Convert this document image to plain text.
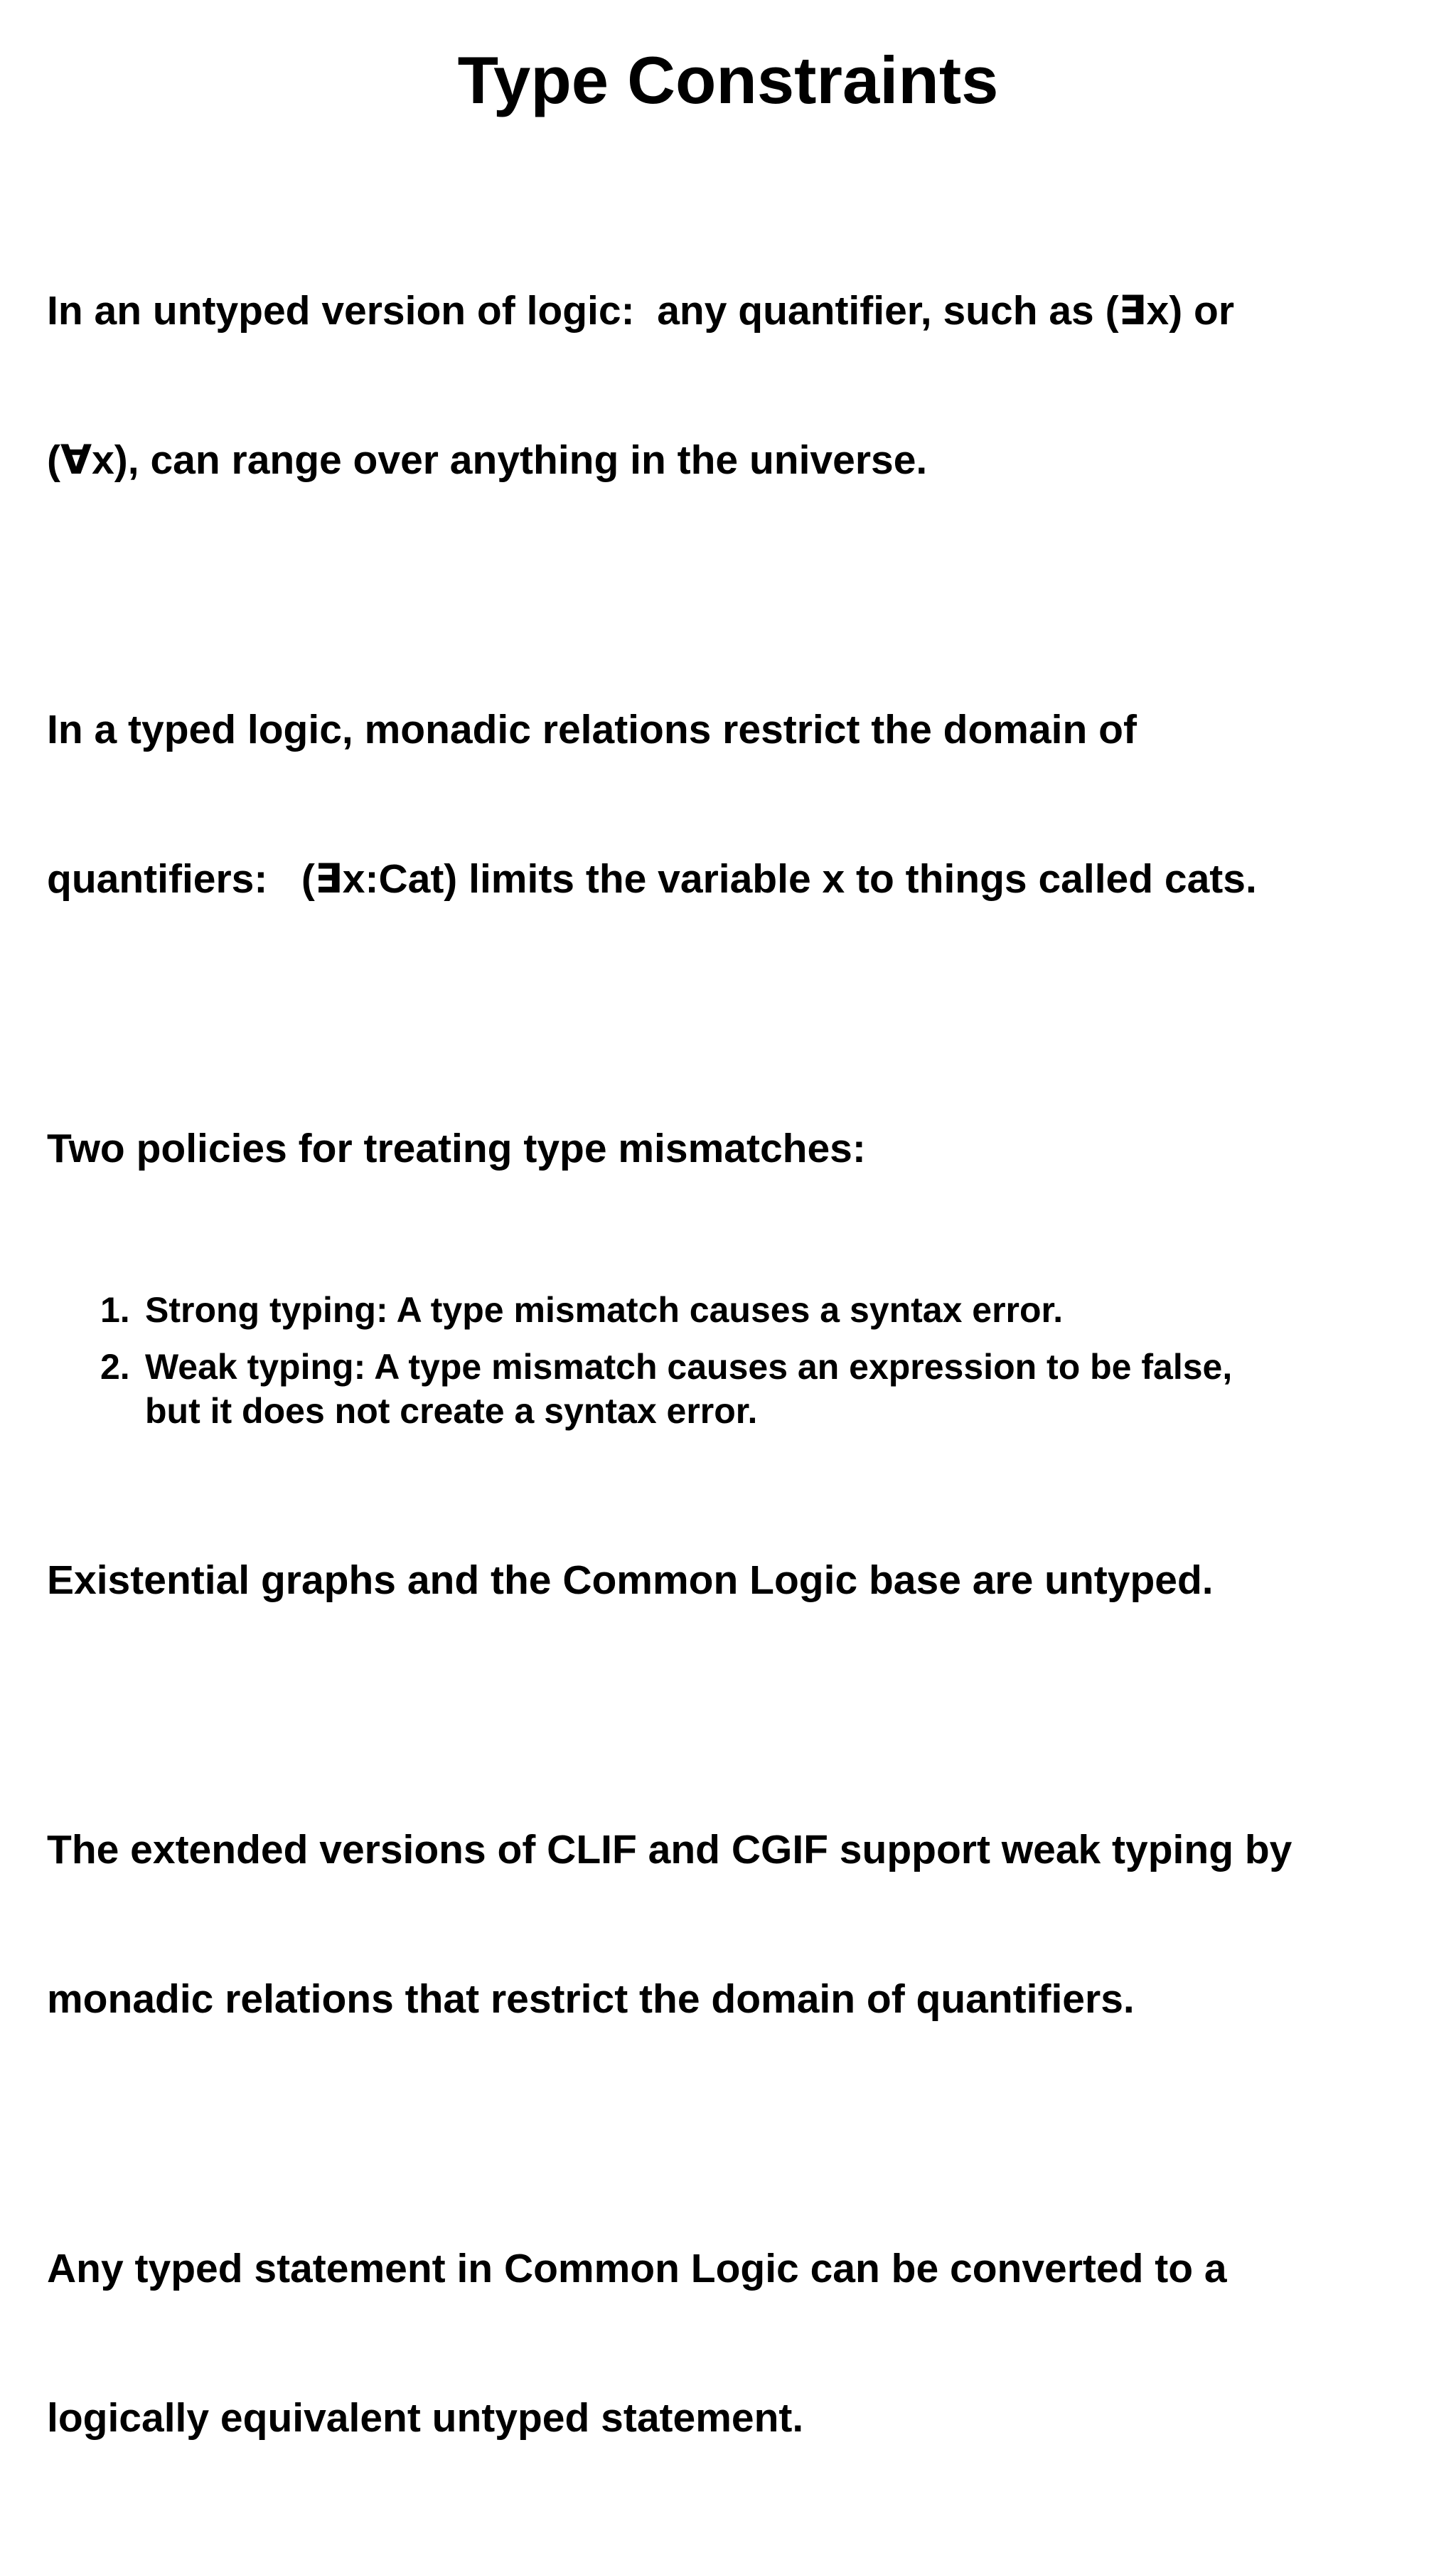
Type Constraints

In an untyped version of logic:  any quantifier, such as (∃x) or

(∀x), can range over anything in the universe.

In a typed logic, monadic relations restrict the domain of

quantifiers:   (∃x:Cat) limits the variable x to things called cats.

Two policies for treating type mismatches:

1. Strong typing: A type mismatch causes a syntax error.
2. Weak typing: A type mismatch causes an expression to be false,
but it does not create a syntax error.

Existential graphs and the Common Logic base are untyped.

The extended versions of CLIF and CGIF support weak typing by

monadic relations that restrict the domain of quantifiers.

Any typed statement in Common Logic can be converted to a

logically equivalent untyped statement.
